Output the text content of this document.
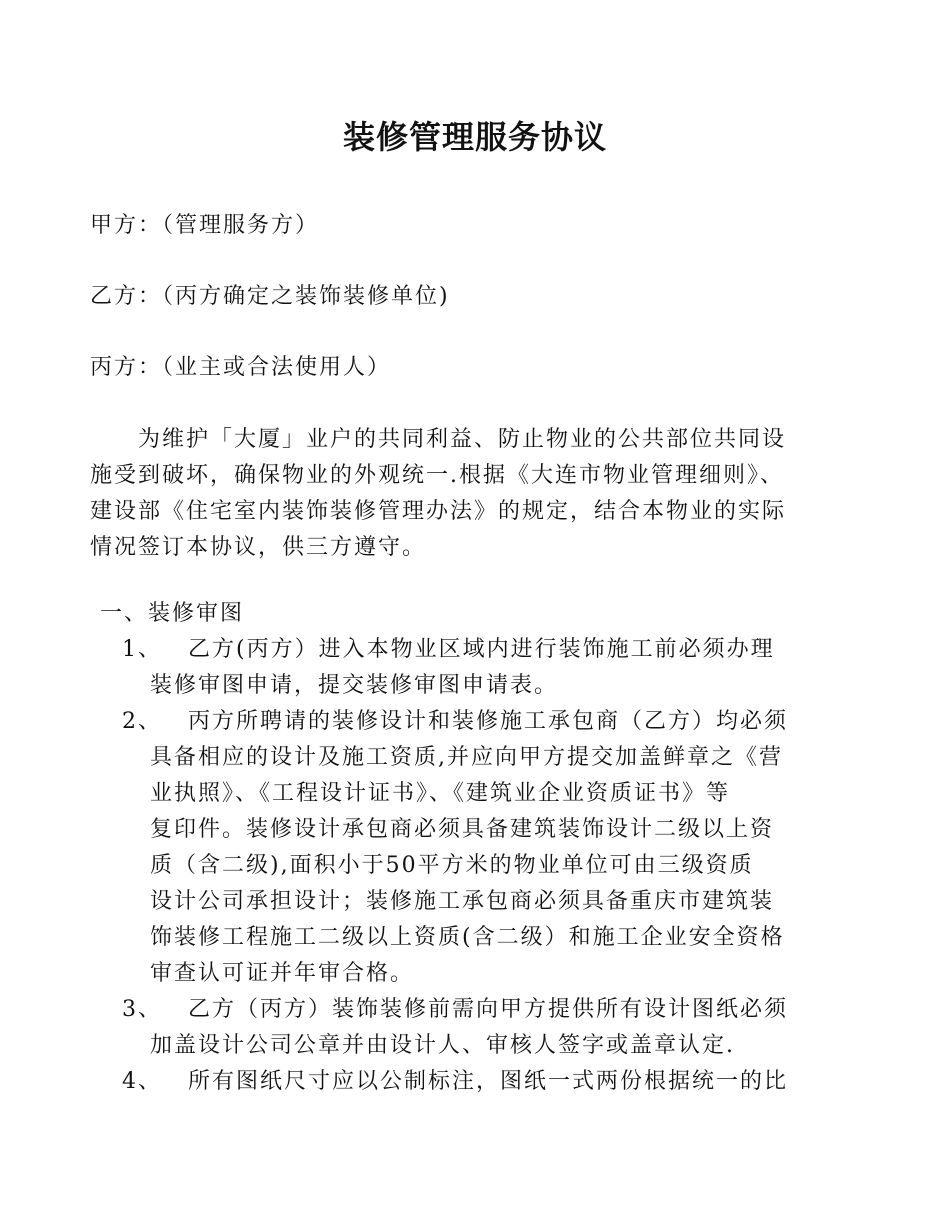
装修管理服务协议
甲方：（管理服务方）
乙方：（丙方确定之装饰装修单位)
丙方：（业主或合法使用人）
为维护「大厦」业户的共同利益、防止物业的公共部位共同设
施受到破坏，确保物业的外观统一.根据《大连市物业管理细则》、
建设部《住宅室内装饰装修管理办法》的规定，结合本物业的实际
情况签订本协议，供三方遵守。
一、装修审图
1、	乙方(丙方）进入本物业区域内进行装饰施工前必须办理
装修审图申请，提交装修审图申请表。
2、	丙方所聘请的装修设计和装修施工承包商（乙方）均必须
具备相应的设计及施工资质,并应向甲方提交加盖鲜章之《营
业执照》、《工程设计证书》、《建筑业企业资质证书》等
复印件。装修设计承包商必须具备建筑装饰设计二级以上资
质（含二级),面积小于50平方米的物业单位可由三级资质
设计公司承担设计；装修施工承包商必须具备重庆市建筑装
饰装修工程施工二级以上资质(含二级）和施工企业安全资格
审查认可证并年审合格。
3、	乙方（丙方）装饰装修前需向甲方提供所有设计图纸必须
加盖设计公司公章并由设计人、审核人签字或盖章认定.
4、	所有图纸尺寸应以公制标注，图纸一式两份根据统一的比
